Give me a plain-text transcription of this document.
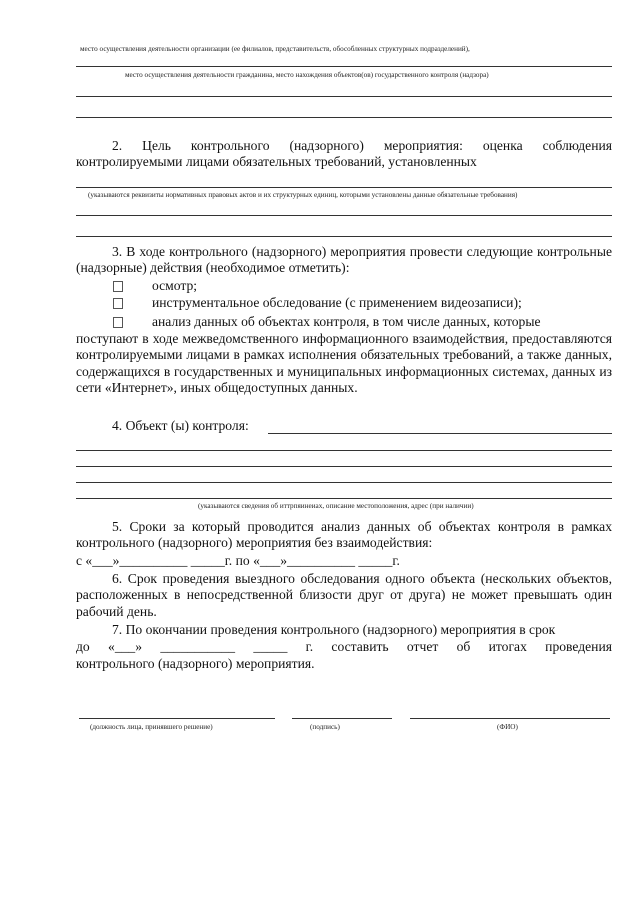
место осуществления деятельности организации (ее филиалов, представительств, обособленных структурных подразделений),
место осуществления деятельности гражданина, место нахождения объектов(ов) государственного контроля (надзора)
2. Цель контрольного (надзорного) мероприятия: оценка соблюдения контролируемыми лицами обязательных требований, установленных
(указываются реквизиты нормативных правовых актов и их структурных единиц, которыми установлены данные обязательные требования)
3. В ходе контрольного (надзорного) мероприятия провести следующие контрольные (надзорные) действия (необходимое отметить):
осмотр;
инструментальное обследование (с применением видеозаписи);
анализ данных об объектах контроля, в том числе данных, которые
поступают в ходе межведомственного информационного взаимодействия, предоставляются контролируемыми лицами в рамках исполнения обязательных требований, а также данных, содержащихся в государственных и муниципальных информационных системах, данных из сети «Интернет», иных общедоступных данных.
4. Объект (ы) контроля:
(указываются сведения об иттрпяинеиах, описание местоположения, адрес (при наличии)
5. Сроки за который проводится анализ данных об объектах контроля в рамках контрольного (надзорного) мероприятия без взаимодействия:
с «___»__________ _____г. по «___»__________ _____г.
6. Срок проведения выездного обследования одного объекта (нескольких объектов, расположенных в непосредственной близости друг от друга) не может превышать один рабочий день.
7. По окончании проведения контрольного (надзорного) мероприятия в срок
до «___» ___________ _____ г. составить отчет об итогах проведения
контрольного (надзорного) мероприятия.
(должность лица, принявшего решение)	(подпись)	(ФИО)
